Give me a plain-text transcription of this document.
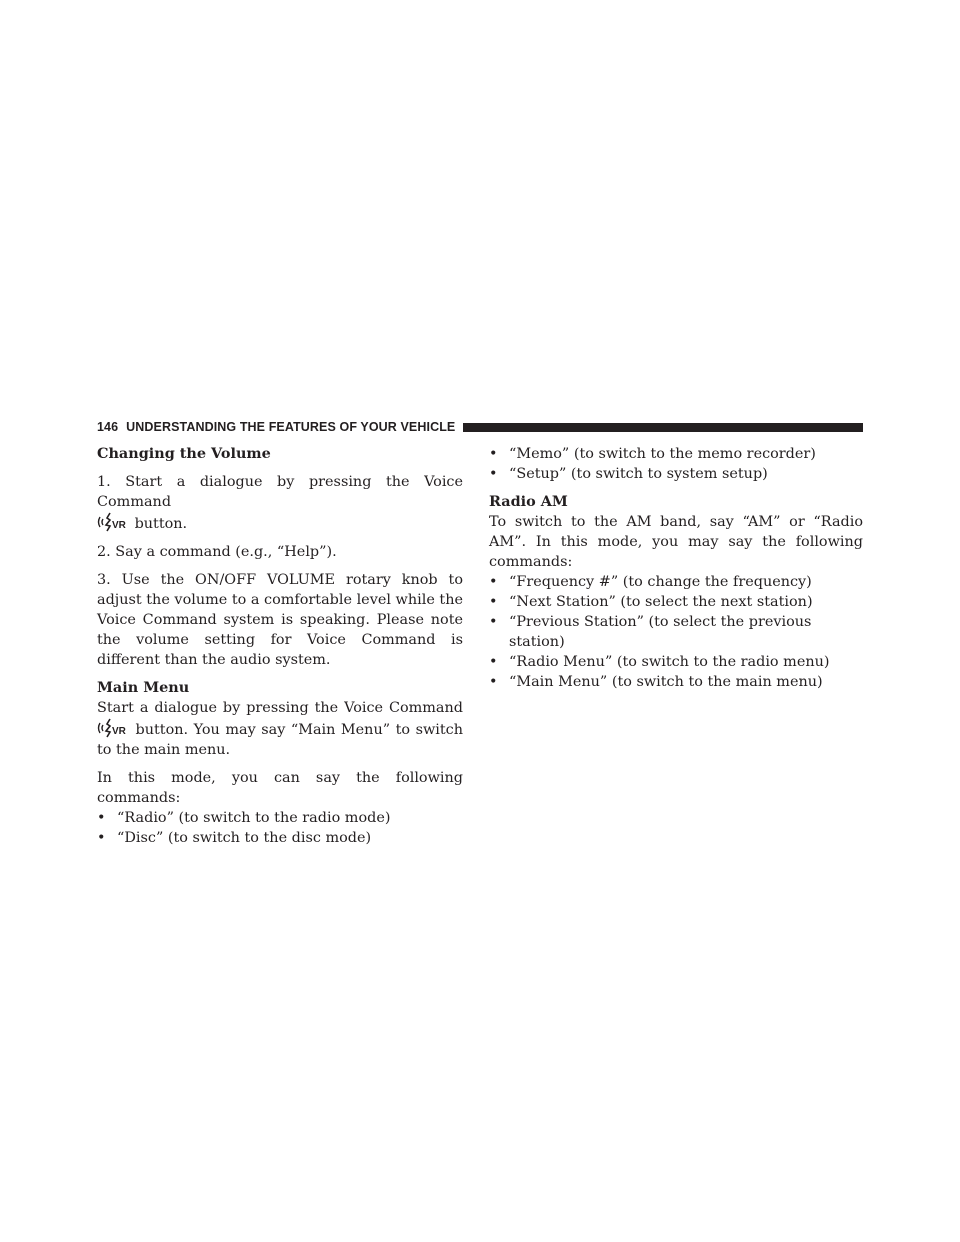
146 UNDERSTANDING THE FEATURES OF YOUR VEHICLE

Changing the Volume

1. Start a dialogue by pressing the Voice Command

VR button.

2. Say a command (e.g., “Help”).

3. Use the ON/OFF VOLUME rotary knob to adjust the volume to a comfortable level while the Voice Command system is speaking. Please note the volume setting for Voice Command is different than the audio system.

Main Menu

Start a dialogue by pressing the Voice Command
VR button. You may say “Main Menu” to switch to the main menu.

In this mode, you can say the following commands:

• “Radio” (to switch to the radio mode)
• “Disc” (to switch to the disc mode)
• “Memo” (to switch to the memo recorder)
• “Setup” (to switch to system setup)

Radio AM

To switch to the AM band, say “AM” or “Radio AM”. In this mode, you may say the following commands:

• “Frequency #” (to change the frequency)
• “Next Station” (to select the next station)
• “Previous Station” (to select the previous station)
• “Radio Menu” (to switch to the radio menu)
• “Main Menu” (to switch to the main menu)
